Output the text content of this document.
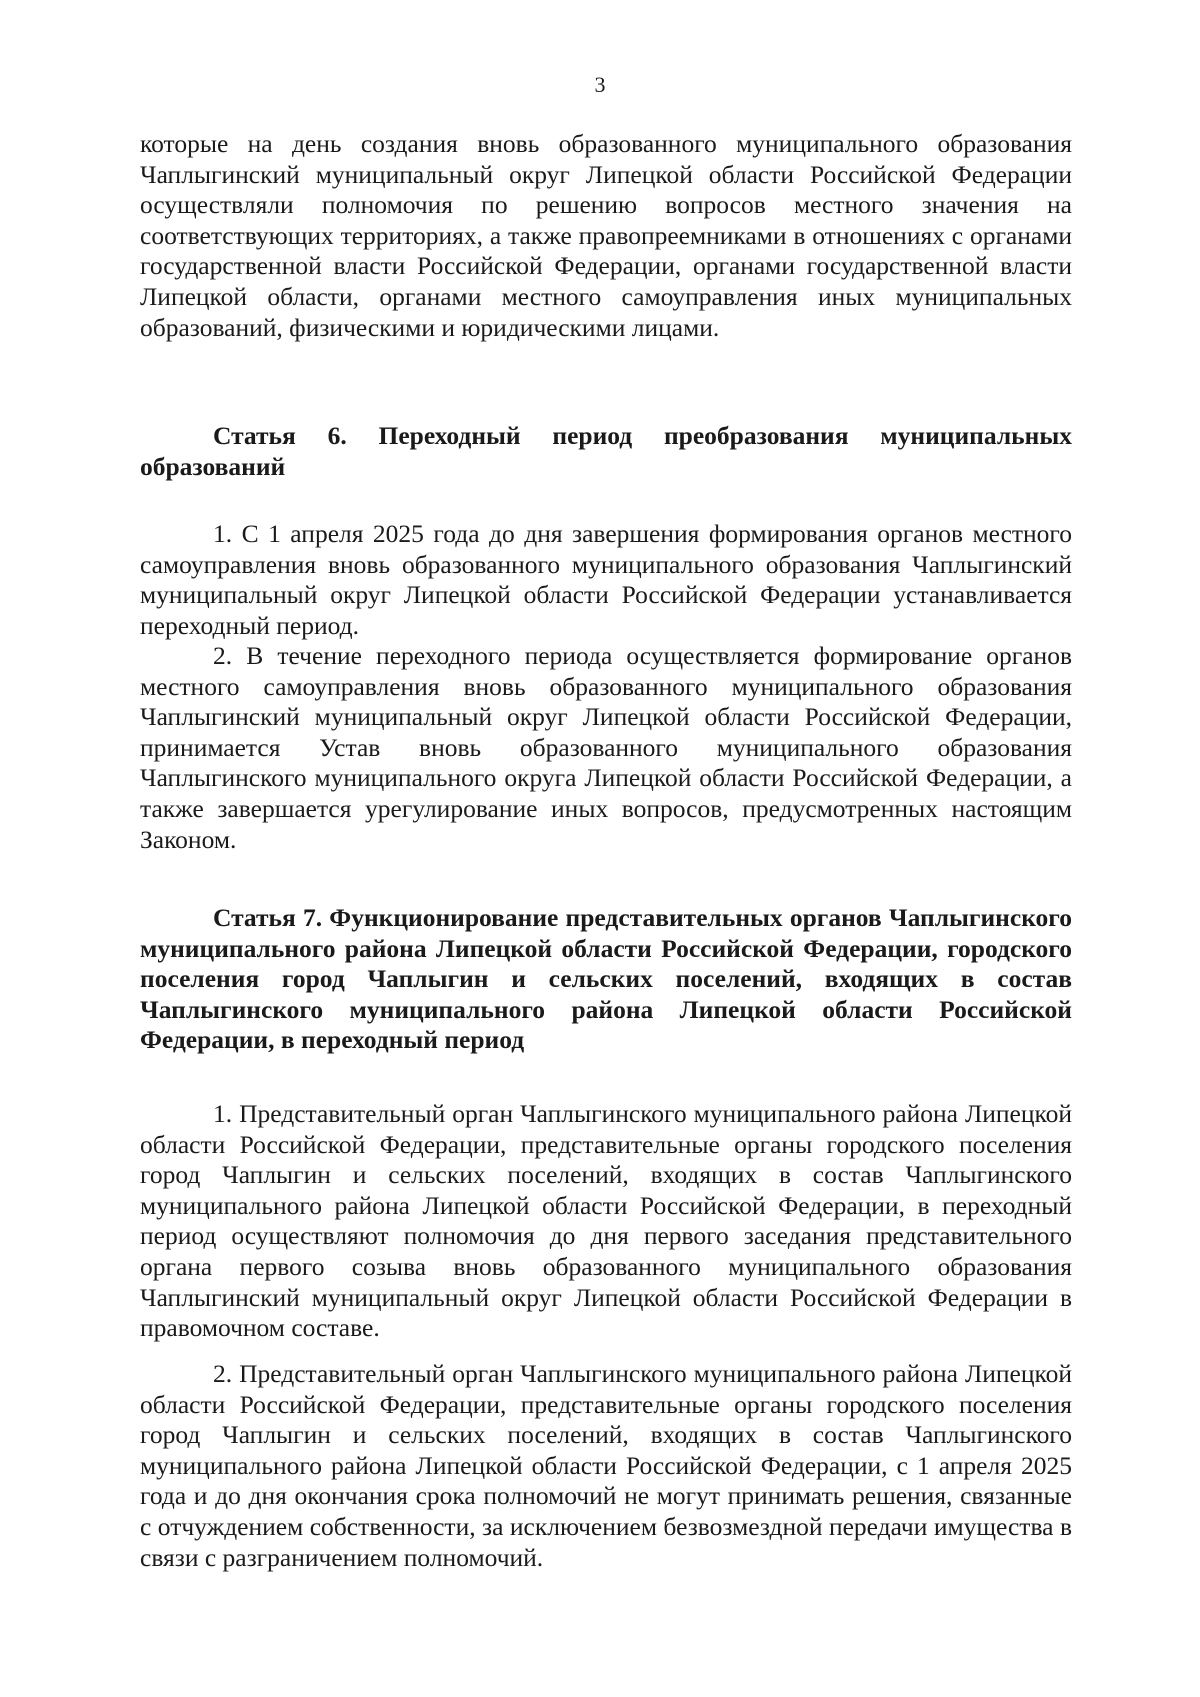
3

которые на день создания вновь образованного муниципального образования Чаплыгинский муниципальный округ Липецкой области Российской Федерации осуществляли полномочия по решению вопросов местного значения на соответствующих территориях, а также правопреемниками в отношениях с органами государственной власти Российской Федерации, органами государственной власти Липецкой области, органами местного самоуправления иных муниципальных образований, физическими и юридическими лицами.

Статья 6. Переходный период преобразования муниципальных образований

1. С 1 апреля 2025 года до дня завершения формирования органов местного самоуправления вновь образованного муниципального образования Чаплыгинский муниципальный округ Липецкой области Российской Федерации устанавливается переходный период.

2. В течение переходного периода осуществляется формирование органов местного самоуправления вновь образованного муниципального образования Чаплыгинский муниципальный округ Липецкой области Российской Федерации, принимается Устав вновь образованного муниципального образования Чаплыгинского муниципального округа Липецкой области Российской Федерации, а также завершается урегулирование иных вопросов, предусмотренных настоящим Законом.

Статья 7. Функционирование представительных органов Чаплыгинского муниципального района Липецкой области Российской Федерации, городского поселения город Чаплыгин и сельских поселений, входящих в состав Чаплыгинского муниципального района Липецкой области Российской Федерации, в переходный период

1. Представительный орган Чаплыгинского муниципального района Липецкой области Российской Федерации, представительные органы городского поселения город Чаплыгин и сельских поселений, входящих в состав Чаплыгинского муниципального района Липецкой области Российской Федерации, в переходный период осуществляют полномочия до дня первого заседания представительного органа первого созыва вновь образованного муниципального образования Чаплыгинский муниципальный округ Липецкой области Российской Федерации в правомочном составе.

2. Представительный орган Чаплыгинского муниципального района Липецкой области Российской Федерации, представительные органы городского поселения город Чаплыгин и сельских поселений, входящих в состав Чаплыгинского муниципального района Липецкой области Российской Федерации, с 1 апреля 2025 года и до дня окончания срока полномочий не могут принимать решения, связанные с отчуждением собственности, за исключением безвозмездной передачи имущества в связи с разграничением полномочий.
